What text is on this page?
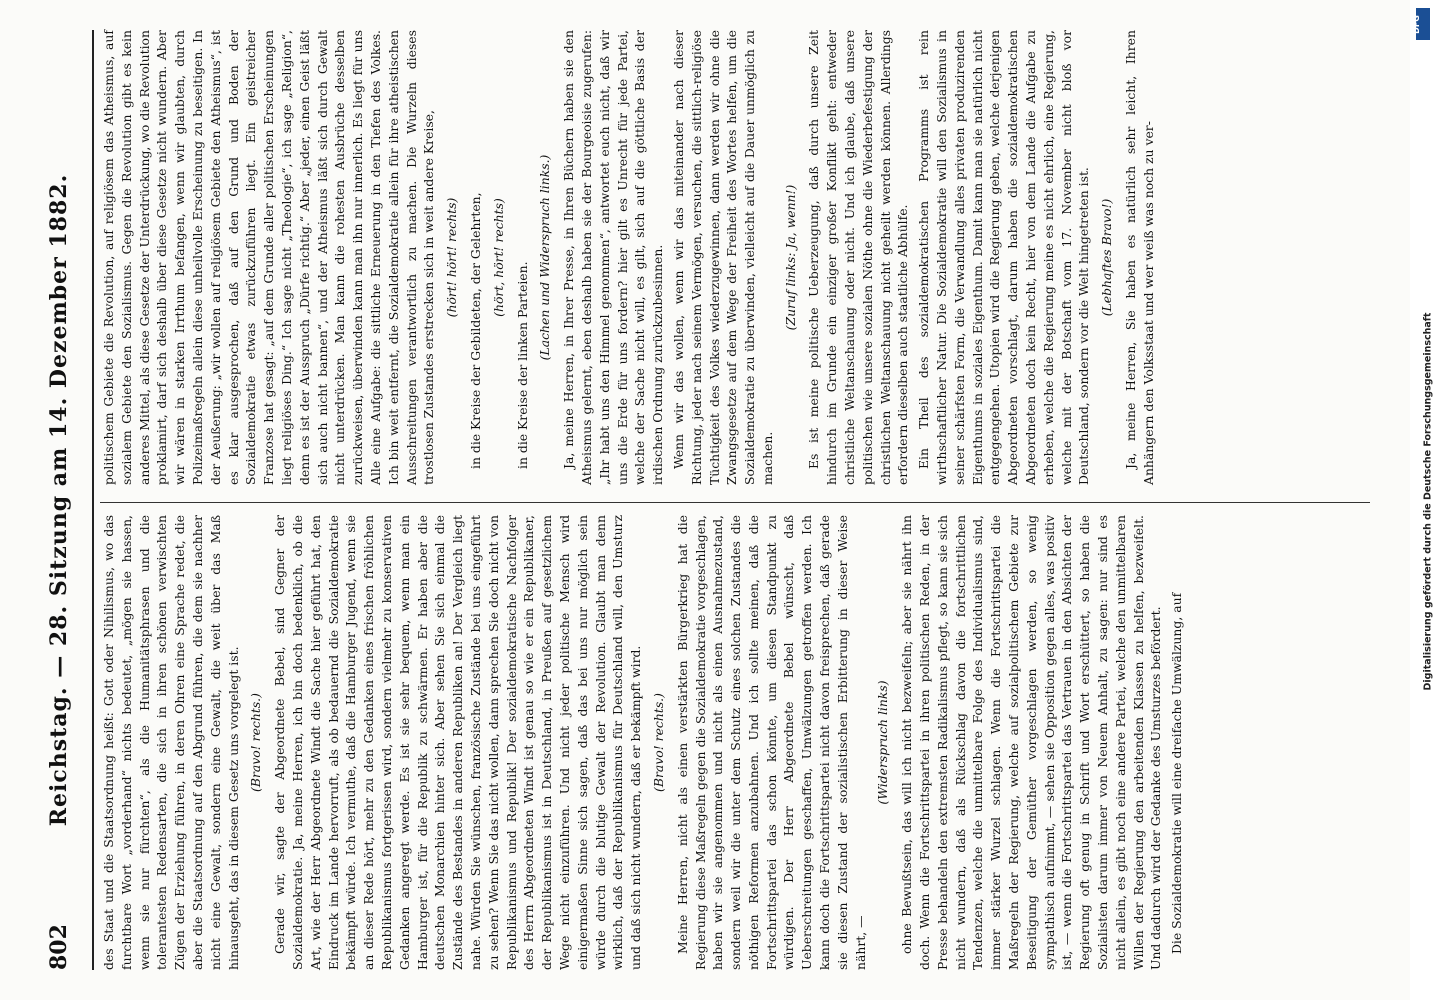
802
Reichstag. — 28. Sitzung am 14. Dezember 1882. des Staat und die Staatsordnung heißt: Gott oder Nihilismus, wo das furchtbare Wort „vorderhand“ nichts bedeutet, „mögen sie hassen, wenn sie nur fürchten“, als die Humanitätsphrasen und die tolerantesten Redensarten, die sich in ihren schönen verwischten Zügen der Erziehung führen, in deren Ohren eine Sprache redet, die aber die Staatsordnung auf den Abgrund führen, die dem sie nachher nicht eine Gewalt, sondern eine Gewalt, die weit über das Maß hinausgeht, das in diesem Gesetz uns vorgelegt ist. (Bravo! rechts.) Gerade wir, sagte der Abgeordnete Bebel, sind Gegner der Sozialdemokratie. Ja, meine Herren, ich bin doch bedenklich, ob die Art, wie der Herr Abgeordnete Windt die Sache hier geführt hat, den Eindruck im Lande hervorruft, als ob bedauernd die Sozialdemokratie bekämpft würde. Ich vermuthe, daß die Hamburger Jugend, wenn sie an dieser Rede hört, mehr zu den Gedanken eines frischen fröhlichen Republikanismus fortgerissen wird, sondern vielmehr zu konservativen Gedanken angeregt werde. Es ist sie sehr bequem, wenn man ein Hamburger ist, für die Republik zu schwärmen. Er haben aber die deutschen Monarchien hinter sich. Aber sehen Sie sich einmal die Zustände des Bestandes in anderen Republiken an! Der Vergleich liegt nahe. Würden Sie wünschen, französische Zustände bei uns eingeführt zu sehen? Wenn Sie das nicht wollen, dann sprechen Sie doch nicht von Republikanismus und Republik! Der sozialdemokratische Nachfolger des Herrn Abgeordneten Windt ist genau so wie er ein Republikaner, der Republikanismus ist in Deutschland, in Preußen auf gesetzlichem Wege nicht einzuführen. Und nicht jeder politische Mensch wird einigermaßen Sinne sich sagen, daß das bei uns nur möglich sein würde durch die blutige Gewalt der Revolution. Glaubt man denn wirklich, daß der Republikanismus für Deutschland will, den Umsturz und daß sich nicht wundern, daß er bekämpft wird. (Bravo! rechts.) Meine Herren, nicht als einen verstärkten Bürgerkrieg hat die Regierung diese Maßregeln gegen die Sozialdemokratie vorgeschlagen, haben wir sie angenommen und nicht als einen Ausnahmezustand, sondern weil wir die unter dem Schutz eines solchen Zustandes die nöthigen Reformen anzubahnen. Und ich sollte meinen, daß die Fortschrittspartei das schon könnte, um diesen Standpunkt zu würdigen. Der Herr Abgeordnete Bebel wünscht, daß Ueberschreitungen geschaffen, Umwälzungen getroffen werden. Ich kann doch die Fortschrittspartei nicht davon freisprechen, daß gerade sie diesen Zustand der sozialistischen Erbitterung in dieser Weise nährt, —

(Widerspruch links) ohne Bewußtsein, das will ich nicht bezweifeln; aber sie nährt ihn doch. Wenn die Fortschrittspartei in ihren politischen Reden, in der Presse behandeln den extremsten Radikalismus pflegt, so kann sie sich nicht wundern, daß als Rückschlag davon die fortschrittlichen Tendenzen, welche die unmittelbare Folge des Individualismus sind, immer stärker Wurzel schlagen. Wenn die Fortschrittspartei die Maßregeln der Regierung, welche auf sozialpolitischem Gebiete zur Beseitigung der Gemüther vorgeschlagen werden, so wenig sympathisch aufnimmt, — sehen sie Opposition gegen alles, was positiv ist, — wenn die Fortschrittspartei das Vertrauen in den Absichten der Regierung oft genug in Schrift und Wort erschüttert, so haben die Sozialisten darum immer von Neuem Anhalt, zu sagen: nur sind es nicht allein, es gibt noch eine andere Partei, welche den unmittelbaren Willen der Regierung den arbeitenden Klassen zu helfen, bezweifelt. Und dadurch wird der Gedanke des Umsturzes befördert. Die Sozialdemokratie will eine dreifache Umwälzung, auf

politischem Gebiete die Revolution, auf religiösem das Atheismus, auf sozialem Gebiete den Sozialismus. Gegen die Revolution gibt es kein anderes Mittel, als diese Gesetze der Unterdrückung, wo die Revolution proklamirt, darf sich deshalb über diese Gesetze nicht wundern. Aber wir wären in starken Irrthum befangen, wenn wir glaubten, durch Polizeimaßregeln allein diese unheilvolle Erscheinung zu beseitigen. In der Aeußerung: „wir wollen auf religiösem Gebiete den Atheismus“, ist es klar ausgesprochen, daß auf den Grund und Boden der Sozialdemokratie etwas zurückzuführen liegt. Ein geistreicher Franzose hat gesagt: „auf dem Grunde aller politischen Erscheinungen liegt religiöses Ding.“ Ich sage nicht „Theologie“, ich sage „Religion“, denn es ist der Ausspruch „Dürfe richtig.“ Aber „jeder, einen Geist läßt sich auch nicht bannen“, und der Atheismus läßt sich durch Gewalt nicht unterdrücken. Man kann die rohesten Ausbrüche desselben zurückweisen, überwinden kann man ihn nur innerlich. Es liegt für uns Alle eine Aufgabe: die sittliche Erneuerung in den Tiefen des Volkes. Ich bin weit entfernt, die Sozialdemokratie allein für ihre atheistischen Ausschreitungen verantwortlich zu machen. Die Wurzeln dieses trostlosen Zustandes erstrecken sich in weit andere Kreise, (hört! hört! rechts) in die Kreise der Gebildeten, der Gelehrten, (hört, hört! rechts)

in die Kreise der linken Parteien.

(Lachen und Widerspruch links.) Ja, meine Herren, in Ihrer Presse, in Ihren Büchern haben sie den Atheismus gelernt, eben deshalb haben sie der Bourgeoisie zugerufen: „Ihr habt uns den Himmel genommen“, antwortet euch nicht, daß wir uns die Erde für uns fordern? hier gilt es Unrecht für jede Partei, welche der Sache nicht will, es gilt, sich auf die göttliche Basis der irdischen Ordnung zurückzubesinnen. Wenn wir das wollen, wenn wir das miteinander nach dieser Richtung, jeder nach seinem Vermögen, versuchen, die sittlich-religiöse Tüchtigkeit des Volkes wiederzugewinnen, dann werden wir ohne die Zwangsgesetze auf dem Wege der Freiheit des Wortes helfen, um die Sozialdemokratie zu überwinden, vielleicht auf die Dauer unmöglich zu machen.

(Zuruf links: Ja, wenn!) Es ist meine politische Ueberzeugung, daß durch unsere Zeit hindurch im Grunde ein einziger großer Konflikt geht: entweder christliche Weltanschauung oder nicht. Und ich glaube, daß unsere politischen wie unsere sozialen Nöthe ohne die Wiederbefestigung der christlichen Weltanschauung nicht geheilt werden können. Allerdings erfordern dieselben auch staatliche Abhülfe. Ein Theil des sozialdemokratischen Programms ist rein wirthschaftlicher Natur. Die Sozialdemokratie will den Sozialismus in seiner schärfsten Form, die Verwandlung alles privaten produzirenden Eigenthums in soziales Eigenthum. Damit kann man sie natürlich nicht entgegengehen. Utopien wird die Regierung geben, welche derjenigen Abgeordneten vorschlagt, darum haben die sozialdemokratischen Abgeordneten doch kein Recht, hier von dem Lande die Aufgabe zu erheben, welche die Regierung meine es nicht ehrlich, eine Regierung, welche mit der Botschaft vom 17. November nicht bloß vor Deutschland, sondern vor die Welt hingetreten ist. (Lebhaftes Bravo!) Ja, meine Herren, Sie haben es natürlich sehr leicht, Ihren Anhängern den Volksstaat und wer weiß was noch zu ver-

DFG
Digitalisierung gefördert durch die Deutsche Forschungsgemeinschaft
